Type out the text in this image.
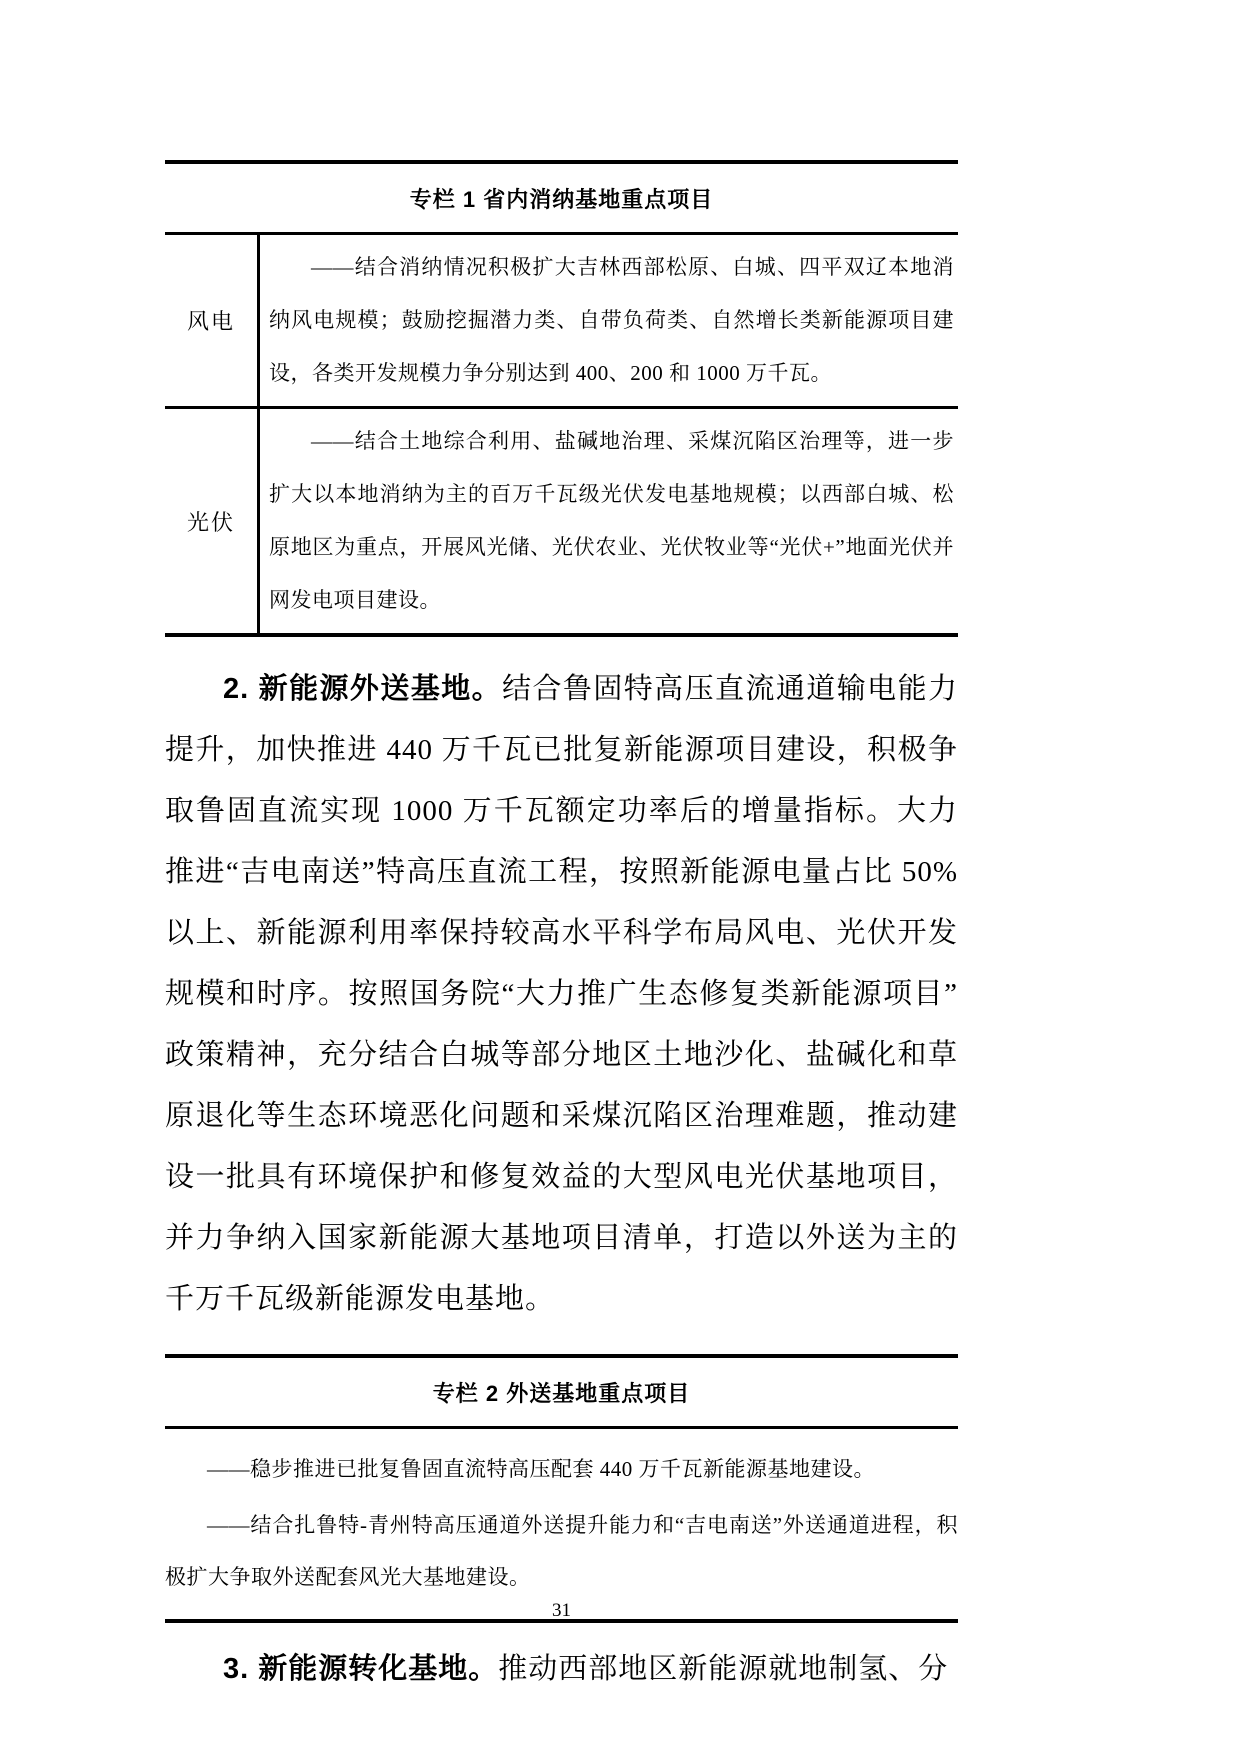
专栏 1 省内消纳基地重点项目
风电

——结合消纳情况积极扩大吉林西部松原、白城、四平双辽本地消纳风电规模；鼓励挖掘潜力类、自带负荷类、自然增长类新能源项目建设，各类开发规模力争分别达到 400、200 和 1000 万千瓦。

光伏

——结合土地综合利用、盐碱地治理、采煤沉陷区治理等，进一步扩大以本地消纳为主的百万千瓦级光伏发电基地规模；以西部白城、松原地区为重点，开展风光储、光伏农业、光伏牧业等“光伏+”地面光伏并网发电项目建设。

2. 新能源外送基地。结合鲁固特高压直流通道输电能力提升，加快推进 440 万千瓦已批复新能源项目建设，积极争取鲁固直流实现 1000 万千瓦额定功率后的增量指标。大力推进“吉电南送”特高压直流工程，按照新能源电量占比 50%以上、新能源利用率保持较高水平科学布局风电、光伏开发规模和时序。按照国务院“大力推广生态修复类新能源项目”政策精神，充分结合白城等部分地区土地沙化、盐碱化和草原退化等生态环境恶化问题和采煤沉陷区治理难题，推动建设一批具有环境保护和修复效益的大型风电光伏基地项目，并力争纳入国家新能源大基地项目清单，打造以外送为主的千万千瓦级新能源发电基地。

专栏 2 外送基地重点项目

——稳步推进已批复鲁固直流特高压配套 440 万千瓦新能源基地建设。

——结合扎鲁特-青州特高压通道外送提升能力和“吉电南送”外送通道进程，积极扩大争取外送配套风光大基地建设。

3. 新能源转化基地。推动西部地区新能源就地制氢、分

31
